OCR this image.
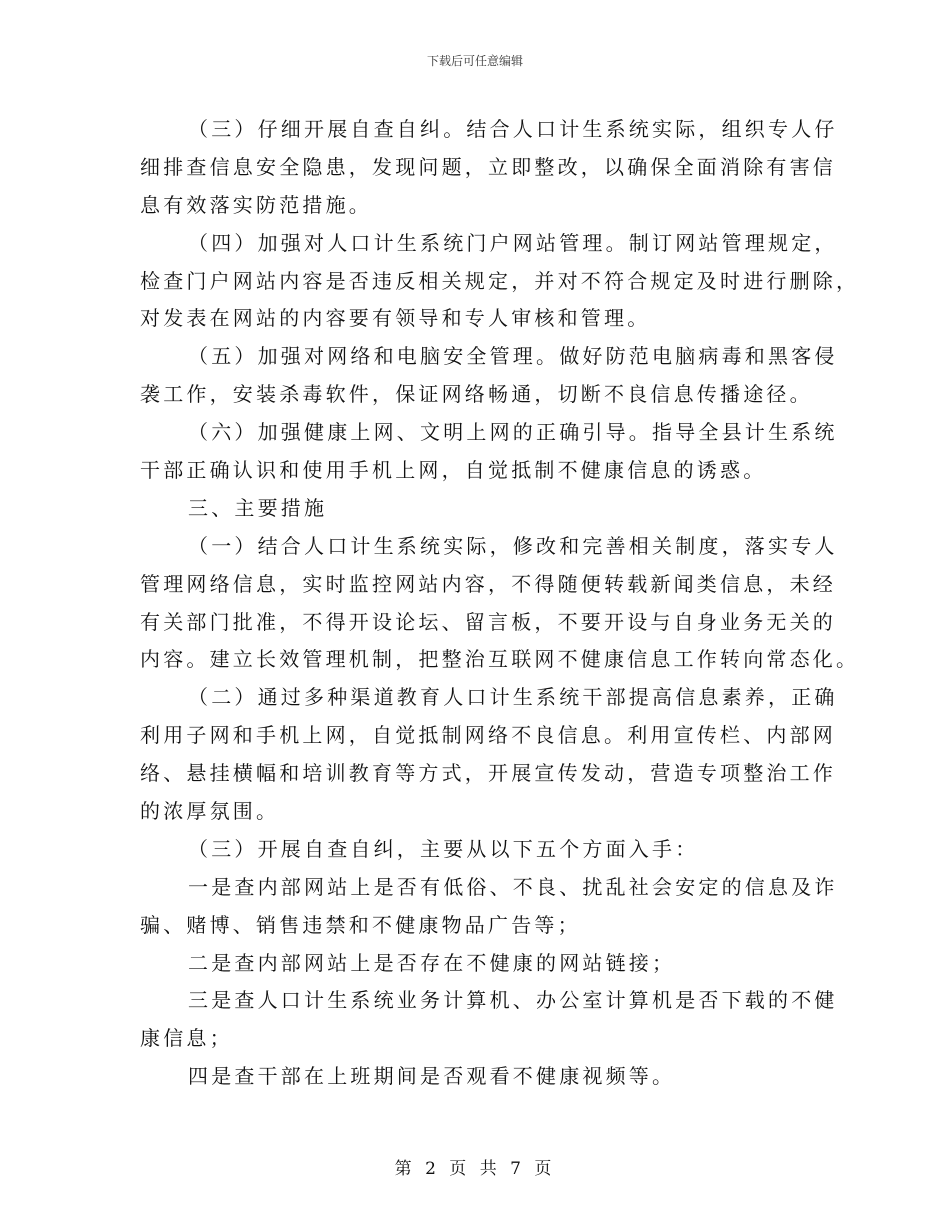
下载后可任意编辑
（三）仔细开展自查自纠。结合人口计生系统实际，组织专人仔
细排查信息安全隐患，发现问题，立即整改，以确保全面消除有害信
息有效落实防范措施。
（四）加强对人口计生系统门户网站管理。制订网站管理规定，
检查门户网站内容是否违反相关规定，并对不符合规定及时进行删除，
对发表在网站的内容要有领导和专人审核和管理。
（五）加强对网络和电脑安全管理。做好防范电脑病毒和黑客侵
袭工作，安装杀毒软件，保证网络畅通，切断不良信息传播途径。
（六）加强健康上网、文明上网的正确引导。指导全县计生系统
干部正确认识和使用手机上网，自觉抵制不健康信息的诱惑。
三、主要措施
（一）结合人口计生系统实际，修改和完善相关制度，落实专人
管理网络信息，实时监控网站内容，不得随便转载新闻类信息，未经
有关部门批准，不得开设论坛、留言板，不要开设与自身业务无关的
内容。建立长效管理机制，把整治互联网不健康信息工作转向常态化。
（二）通过多种渠道教育人口计生系统干部提高信息素养，正确
利用子网和手机上网，自觉抵制网络不良信息。利用宣传栏、内部网
络、悬挂横幅和培训教育等方式，开展宣传发动，营造专项整治工作
的浓厚氛围。
（三）开展自查自纠，主要从以下五个方面入手：
一是查内部网站上是否有低俗、不良、扰乱社会安定的信息及诈
骗、赌博、销售违禁和不健康物品广告等；
二是查内部网站上是否存在不健康的网站链接；
三是查人口计生系统业务计算机、办公室计算机是否下载的不健
康信息；
四是查干部在上班期间是否观看不健康视频等。
第 2 页 共 7 页
